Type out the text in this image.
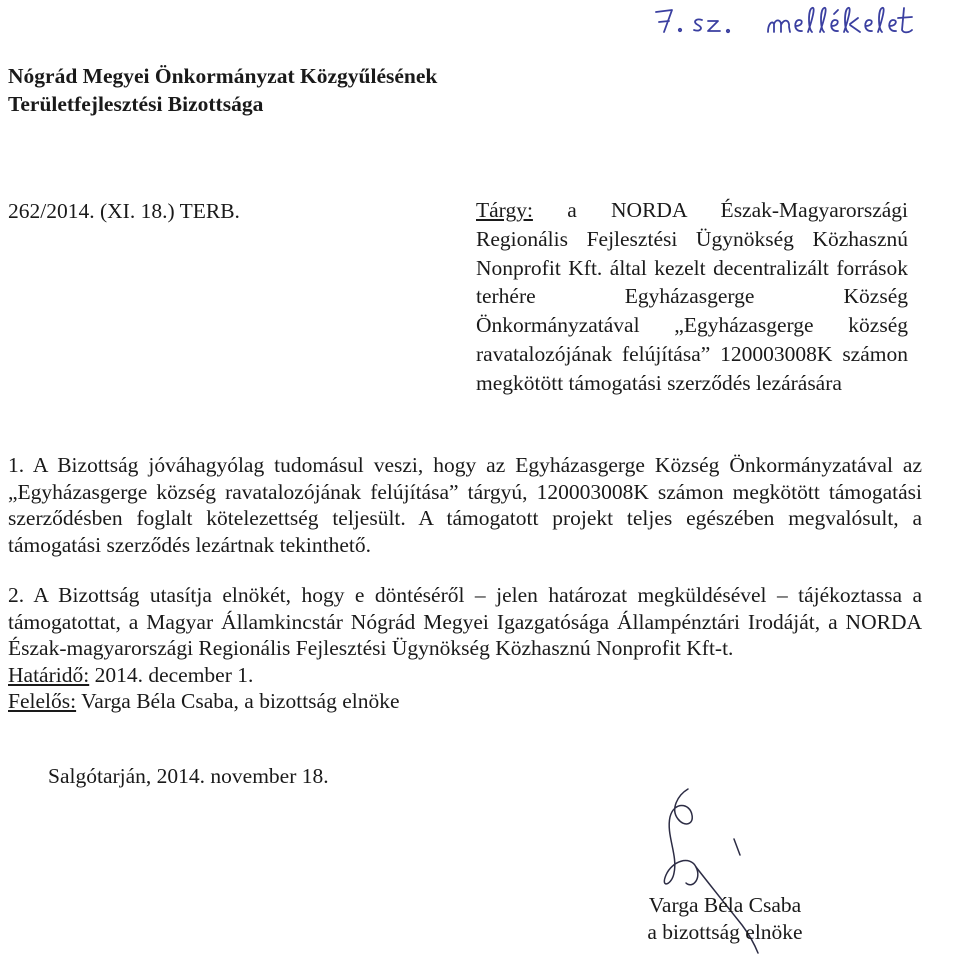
Nógrád Megyei Önkormányzat Közgyűlésének
Területfejlesztési Bizottsága
262/2014. (XI. 18.) TERB.	Tárgy: a NORDA Észak-Magyarországi Regionális Fejlesztési Ügynökség Közhasznú Nonprofit Kft. által kezelt decentralizált források terhére Egyházasgerge Község Önkormányzatával „Egyházasgerge község ravatalozójának felújítása” 120003008K számon megkötött támogatási szerződés lezárására
1. A Bizottság jóváhagyólag tudomásul veszi, hogy az Egyházasgerge Község Önkormányzatával az „Egyházasgerge község ravatalozójának felújítása” tárgyú, 120003008K számon megkötött támogatási szerződésben foglalt kötelezettség teljesült. A támogatott projekt teljes egészében megvalósult, a támogatási szerződés lezártnak tekinthető.
2. A Bizottság utasítja elnökét, hogy e döntéséről – jelen határozat megküldésével – tájékoztassa a támogatottat, a Magyar Államkincstár Nógrád Megyei Igazgatósága Állampénztári Irodáját, a NORDA Észak-magyarországi Regionális Fejlesztési Ügynökség Közhasznú Nonprofit Kft-t.
Határidő: 2014. december 1.
Felelős: Varga Béla Csaba, a bizottság elnöke
Salgótarján, 2014. november 18.
Varga Béla Csaba
a bizottság elnöke
